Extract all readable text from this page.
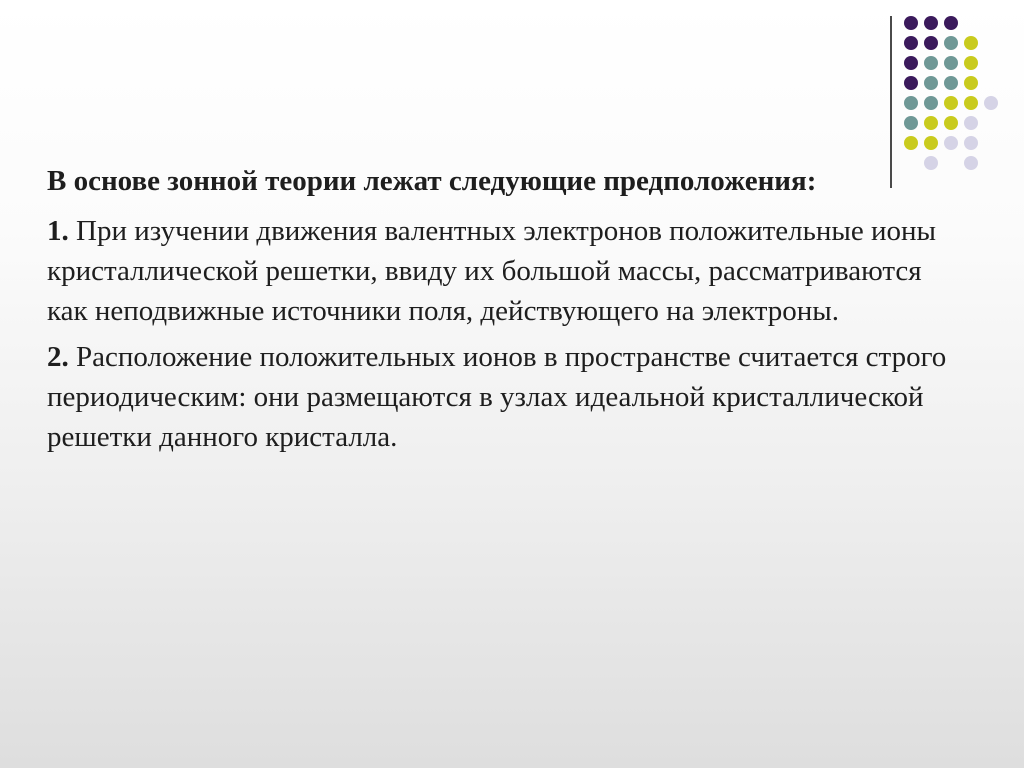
В основе зонной теории лежат следующие предположения:

1. При изучении движения валентных электронов положительные ионы кристаллической решетки, ввиду их большой массы, рассматриваются как неподвижные источники поля, действующего на электроны.

2. Расположение положительных ионов в пространстве считается строго периодическим: они размещаются в узлах идеальной кристаллической решетки данного кристалла.
